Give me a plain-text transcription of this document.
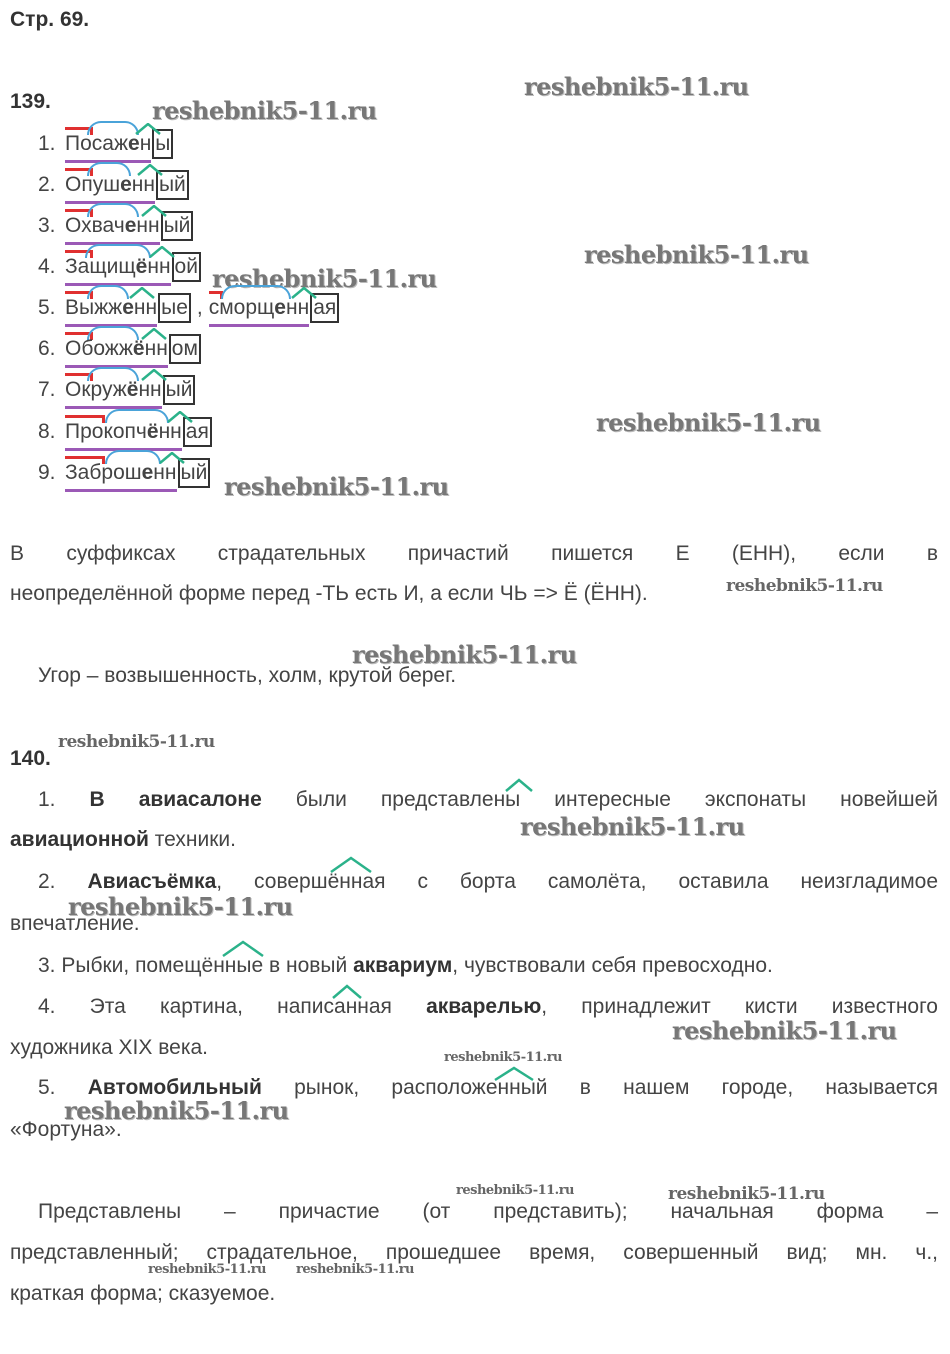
Стр. 69.
reshebnik5-11.ru
reshebnik5-11.ru
reshebnik5-11.ru
reshebnik5-11.ru
reshebnik5-11.ru
reshebnik5-11.ru
reshebnik5-11.ru
reshebnik5-11.ru
reshebnik5-11.ru
reshebnik5-11.ru
reshebnik5-11.ru
reshebnik5-11.ru
reshebnik5-11.ru
reshebnik5-11.ru
reshebnik5-11.ru	reshebnik5-11.ru
reshebnik5-11.ru reshebnik5-11.ru
139.
1. Посажен ы
2. Опушенн ый
3. Охваченн ый
4. Защищённ ой
5. Выжженн ые , сморщенн ая
6. Обожжённ ом
7. Окружённ ый
8. Прокопчённ ая
9. Заброшенн ый
В суффиксах страдательных причастий пишется Е (ЕНН), если в
неопределённой форме перед -ТЬ есть И, а если ЧЬ => Ё (ЁНН).
Угор – возвышенность, холм, крутой берег.
140.
1. В авиасалоне были представлены интересные экспонаты новейшей
авиационной техники.
2. Авиасъёмка, совершённая с борта самолёта, оставила неизгладимое
впечатление.
3. Рыбки, помещённые в новый аквариум, чувствовали себя превосходно.
4. Эта картина, написанная акварелью, принадлежит кисти известного
художника XIX века.
5. Автомобильный рынок, расположенный в нашем городе, называется
«Фортуна».
Представлены – причастие (от представить); начальная форма –
представленный; страдательное, прошедшее время, совершенный вид; мн. ч.,
краткая форма; сказуемое.
